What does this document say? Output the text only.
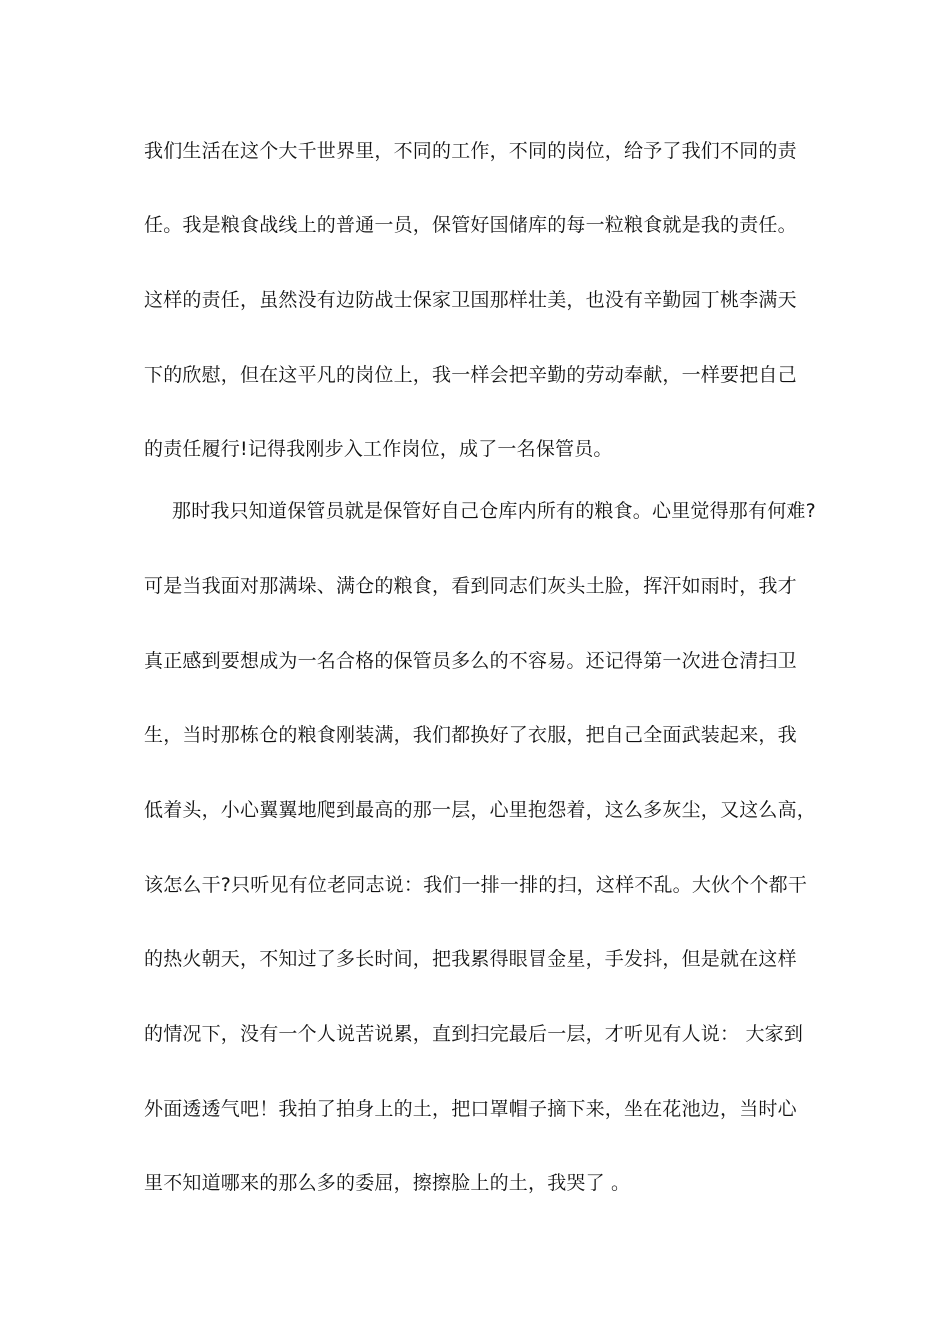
我们生活在这个大千世界里，不同的工作，不同的岗位，给予了我们不同的责
任。我是粮食战线上的普通一员，保管好国储库的每一粒粮食就是我的责任。
这样的责任，虽然没有边防战士保家卫国那样壮美，也没有辛勤园丁桃李满天
下的欣慰，但在这平凡的岗位上，我一样会把辛勤的劳动奉献，一样要把自己
的责任履行!记得我刚步入工作岗位，成了一名保管员。
那时我只知道保管员就是保管好自己仓库内所有的粮食。心里觉得那有何难?
可是当我面对那满垛、满仓的粮食，看到同志们灰头土脸，挥汗如雨时，我才
真正感到要想成为一名合格的保管员多么的不容易。还记得第一次进仓清扫卫
生，当时那栋仓的粮食刚装满，我们都换好了衣服，把自己全面武装起来，我
低着头，小心翼翼地爬到最高的那一层，心里抱怨着，这么多灰尘，又这么高，
该怎么干?只听见有位老同志说：我们一排一排的扫，这样不乱。大伙个个都干
的热火朝天，不知过了多长时间，把我累得眼冒金星，手发抖，但是就在这样
的情况下，没有一个人说苦说累，直到扫完最后一层，才听见有人说： 大家到
外面透透气吧！我拍了拍身上的土，把口罩帽子摘下来，坐在花池边，当时心
里不知道哪来的那么多的委屈，擦擦脸上的土，我哭了 。
